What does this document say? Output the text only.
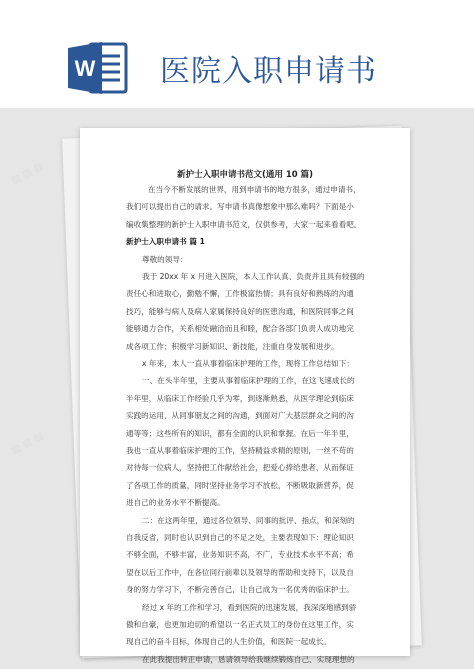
W 医院入职申请书
▨ ▨ ▨
▨ ▨ ▨
新护士入职申请书范文(通用 10 篇)
在当今不断发展的世界，用到申请书的地方很多，通过申请书，
我们可以提出自己的请求。写申请书真像想象中那么难吗？下面是小
编收集整理的新护士入职申请书范文，仅供参考，大家一起来看看吧。
新护士入职申请书 篇 1
尊敬的领导：
我于 20xx 年 x 月进入医院，本人工作认真、负责并且具有较强的
责任心和进取心，勤勉不懈，工作极富热情；具有良好和熟练的沟通
技巧，能够与病人及病人家属保持良好的医患沟通，和医院同事之间
能够通力合作，关系相处融洽而且和睦，配合各部门负责人成功地完
成各项工作；积极学习新知识、新技能，注重自身发展和进步。
x 年来，本人一直从事着临床护理的工作，现将工作总结如下：
一、在头半年里，主要从事着临床护理的工作，在这飞速成长的
半年里，从临床工作经验几乎为零，到逐渐熟悉，从医学理论到临床
实践的运用，从同事朋友之间的沟通，到面对广大基层群众之间的沟
通等等；这些所有的知识，都有全面的认识和掌握。在后一年半里，
我也一直从事着临床护理的工作，坚持精益求精的原则，一丝不苟的
对待每一位病人，坚持把工作献给社会，把爱心捧给患者，从而保证
了各项工作的质量，同时坚持业务学习不放松，不断吸取新营养，促
进自己的业务水平不断提高。
二：在这两年里，通过各位领导、同事的批评、指点，和深刻的
自我反省，同时也认识到自己的不足之处，主要表现如下：理论知识
不够全面，不够丰富，业务知识不高，不广，专业技术水平不高；希
望在以后工作中，在各位同行前辈以及领导的帮助和支持下，以及自
身的努力学习下，不断完善自己，让自己成为一名优秀的临床护士。
经过 x 年的工作和学习，看到医院的迅速发展，我深深地感到骄
傲和自豪，也更加迫切的希望以一名正式员工的身份在这里工作，实
现自己的奋斗目标，体现自己的人生价值，和医院一起成长。
在此我提出转正申请，恳请领导给我继续锻炼自己、实现理想的
